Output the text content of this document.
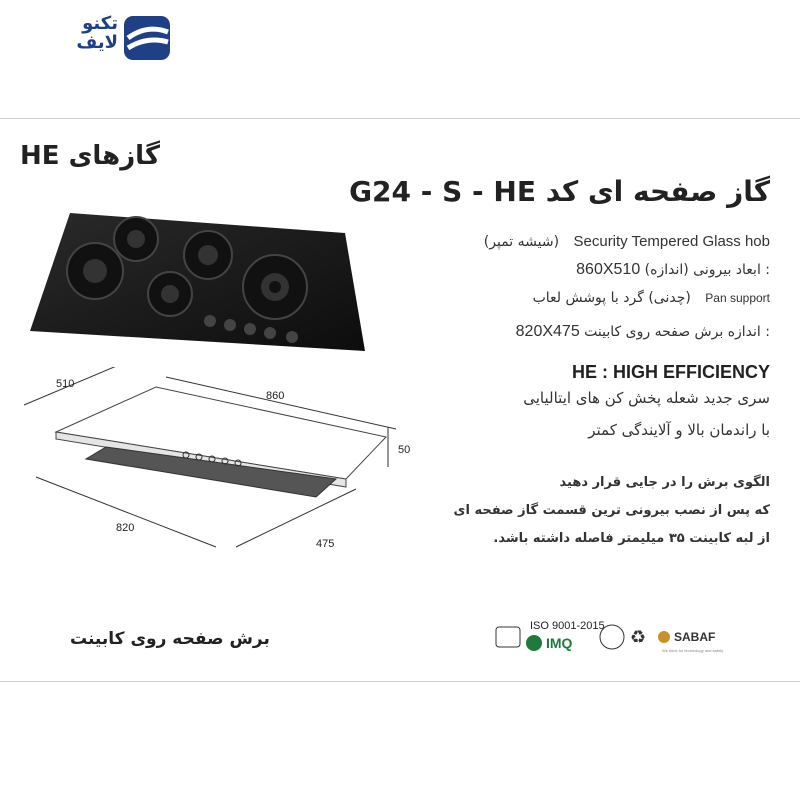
تکنو
لایف
گازهای HE
گاز صفحه ای کد G24 - S - HE
Security Tempered Glass hob (شیشه تمپر)
: ابعاد بیرونی (اندازه) 860X510
Pan support (چدنی) گرد با پوشش لعاب
: اندازه برش صفحه روی کابینت 820X475
HE : HIGH EFFICIENCY
سری جدید شعله پخش کن های ایتالیایی
با راندمان بالا و آلایندگی کمتر
الگوی برش را در جایی قرار دهید
که پس از نصب بیرونی ترین قسمت گاز صفحه ای
از لبه کابینت ۳۵ میلیمتر فاصله داشته باشد.
510
860
50
820
475
برش صفحه روی کابینت
ISO 9001-2015
IMQ	♻ SABAF
We think for technology and safety
